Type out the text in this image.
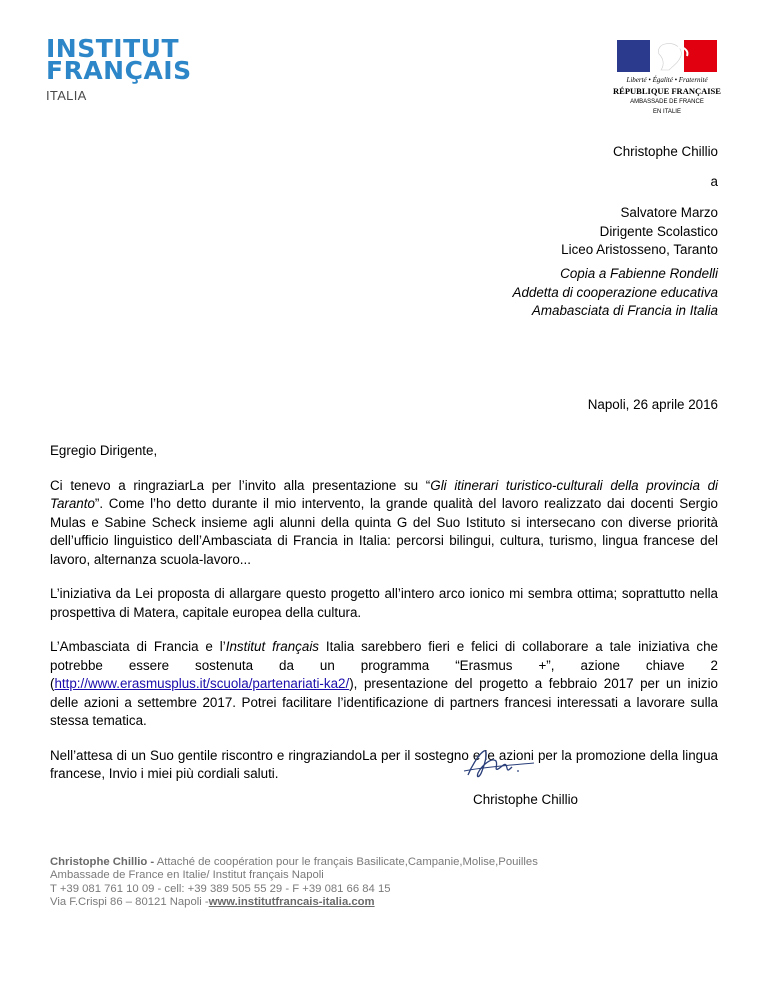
INSTITUT
FRANÇAIS
ITALIA
Liberté • Égalité • Fraternité
RÉPUBLIQUE FRANÇAISE
AMBASSADE DE FRANCE
EN ITALIE
Christophe Chillio
a
Salvatore Marzo
Dirigente Scolastico
Liceo Aristosseno, Taranto
Copia a Fabienne Rondelli
Addetta di cooperazione educativa
Amabasciata di Francia in Italia
Napoli, 26 aprile 2016

Egregio Dirigente,

Ci tenevo a ringraziarLa per l’invito alla presentazione su “Gli itinerari turistico-culturali della provincia di Taranto”. Come l’ho detto durante il mio intervento, la grande qualità del lavoro realizzato dai docenti Sergio Mulas e Sabine Scheck insieme agli alunni della quinta G del Suo Istituto si intersecano con diverse priorità dell’ufficio linguistico dell’Ambasciata di Francia in Italia: percorsi bilingui, cultura, turismo, lingua francese del lavoro, alternanza scuola-lavoro...

L’iniziativa da Lei proposta di allargare questo progetto all’intero arco ionico mi sembra ottima; soprattutto nella prospettiva di Matera, capitale europea della cultura.

L’Ambasciata di Francia e l’Institut français Italia sarebbero fieri e felici di collaborare a tale iniziativa che potrebbe essere sostenuta da un programma “Erasmus +”, azione chiave 2 (http://www.erasmusplus.it/scuola/partenariati-ka2/), presentazione del progetto a febbraio 2017 per un inizio delle azioni a settembre 2017. Potrei facilitare l’identificazione di partners francesi interessati a lavorare sulla stessa tematica.

Nell’attesa di un Suo gentile riscontro e ringraziandoLa per il sostegno e le azioni per la promozione della lingua francese, Invio i miei più cordiali saluti.

Christophe Chillio
Christophe Chillio - Attaché de coopération pour le français Basilicate,Campanie,Molise,Pouilles
Ambassade de France en Italie/ Institut français Napoli
T +39 081 761 10 09 - cell: +39 389 505 55 29 - F +39 081 66 84 15
Via F.Crispi 86 – 80121 Napoli -www.institutfrancais-italia.com
